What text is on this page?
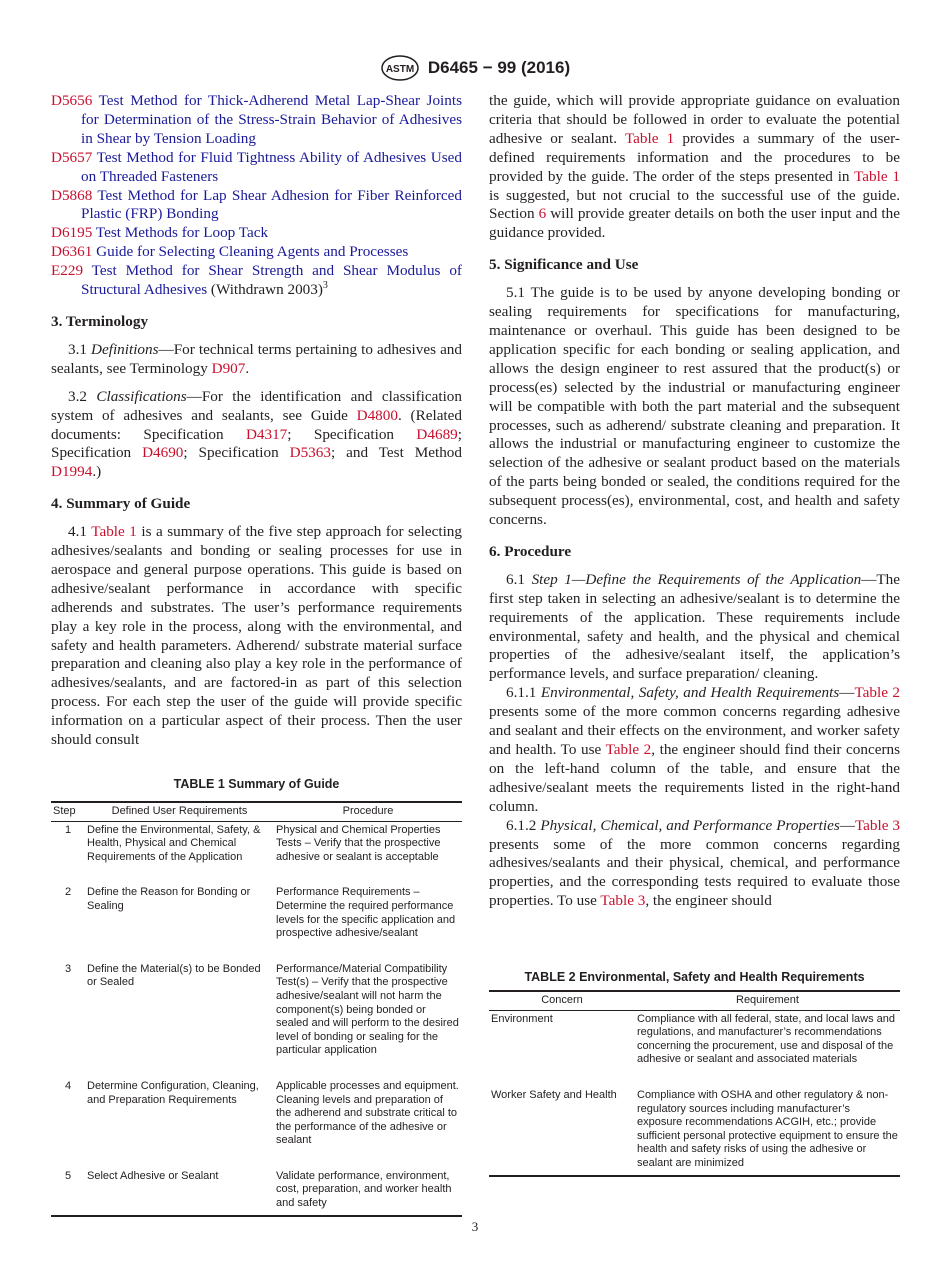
ASTM D6465 − 99 (2016)

D5656 Test Method for Thick-Adherend Metal Lap-Shear Joints for Determination of the Stress-Strain Behavior of Adhesives in Shear by Tension Loading

D5657 Test Method for Fluid Tightness Ability of Adhesives Used on Threaded Fasteners

D5868 Test Method for Lap Shear Adhesion for Fiber Reinforced Plastic (FRP) Bonding

D6195 Test Methods for Loop Tack

D6361 Guide for Selecting Cleaning Agents and Processes

E229 Test Method for Shear Strength and Shear Modulus of Structural Adhesives (Withdrawn 2003)$^3$

3. Terminology

3.1 Definitions—For technical terms pertaining to adhesives and sealants, see Terminology D907.

3.2 Classifications—For the identification and classification system of adhesives and sealants, see Guide D4800. (Related documents: Specification D4317; Specification D4689; Specification D4690; Specification D5363; and Test Method D1994.)

4. Summary of Guide

4.1 Table 1 is a summary of the five step approach for selecting adhesives/sealants and bonding or sealing processes for use in aerospace and general purpose operations. This guide is based on adhesive/sealant performance in accordance with specific adherends and substrates. The user’s performance requirements play a key role in the process, along with the environmental, and safety and health parameters. Adherend/ substrate material surface preparation and cleaning also play a key role in the performance of adhesives/sealants, and are factored-in as part of this selection process. For each step the user of the guide will provide specific information on a particular aspect of their process. Then the user should consult

the guide, which will provide appropriate guidance on evaluation criteria that should be followed in order to evaluate the potential adhesive or sealant. Table 1 provides a summary of the user-defined requirements information and the procedures to be provided by the guide. The order of the steps presented in Table 1 is suggested, but not crucial to the successful use of the guide. Section 6 will provide greater details on both the user input and the guidance provided.

5. Significance and Use

5.1 The guide is to be used by anyone developing bonding or sealing requirements for specifications for manufacturing, maintenance or overhaul. This guide has been designed to be application specific for each bonding or sealing application, and allows the design engineer to rest assured that the product(s) or process(es) selected by the industrial or manufacturing engineer will be compatible with both the part material and the subsequent processes, such as adherend/ substrate cleaning and preparation. It allows the industrial or manufacturing engineer to customize the selection of the adhesive or sealant product based on the materials of the parts being bonded or sealed, the conditions required for the subsequent process(es), environmental, cost, and health and safety concerns.

6. Procedure

6.1 Step 1—Define the Requirements of the Application—The first step taken in selecting an adhesive/sealant is to determine the requirements of the application. These requirements include environmental, safety and health, and the physical and chemical properties of the adhesive/sealant itself, the application’s performance levels, and surface preparation/ cleaning.

6.1.1 Environmental, Safety, and Health Requirements—Table 2 presents some of the more common concerns regarding adhesive and sealant and their effects on the environment, and worker safety and health. To use Table 2, the engineer should find their concerns on the left-hand column of the table, and ensure that the adhesive/sealant meets the requirements listed in the right-hand column.

6.1.2 Physical, Chemical, and Performance Properties—Table 3 presents some of the more common concerns regarding adhesives/sealants and their physical, chemical, and performance properties, and the corresponding tests required to evaluate those properties. To use Table 3, the engineer should

TABLE 1 Summary of Guide
Step	Defined User Requirements	Procedure
1	Define the Environmental, Safety, & Health, Physical and Chemical Requirements of the Application	Physical and Chemical Properties Tests – Verify that the prospective adhesive or sealant is acceptable
2	Define the Reason for Bonding or Sealing	Performance Requirements – Determine the required performance levels for the specific application and prospective adhesive/sealant
3	Define the Material(s) to be Bonded or Sealed	Performance/Material Compatibility Test(s) – Verify that the prospective adhesive/sealant will not harm the component(s) being bonded or sealed and will perform to the desired level of bonding or sealing for the particular application
4	Determine Configuration, Cleaning, and Preparation Requirements	Applicable processes and equipment. Cleaning levels and preparation of the adherend and substrate critical to the performance of the adhesive or sealant
5	Select Adhesive or Sealant	Validate performance, environment, cost, preparation, and worker health and safety
TABLE 2 Environmental, Safety and Health Requirements
Concern	Requirement
Environment	Compliance with all federal, state, and local laws and regulations, and manufacturer’s recommendations concerning the procurement, use and disposal of the adhesive or sealant and associated materials
Worker Safety and Health	Compliance with OSHA and other regulatory & non-regulatory sources including manufacturer’s exposure recommendations ACGIH, etc.; provide sufficient personal protective equipment to ensure the health and safety risks of using the adhesive or sealant are minimized
3
